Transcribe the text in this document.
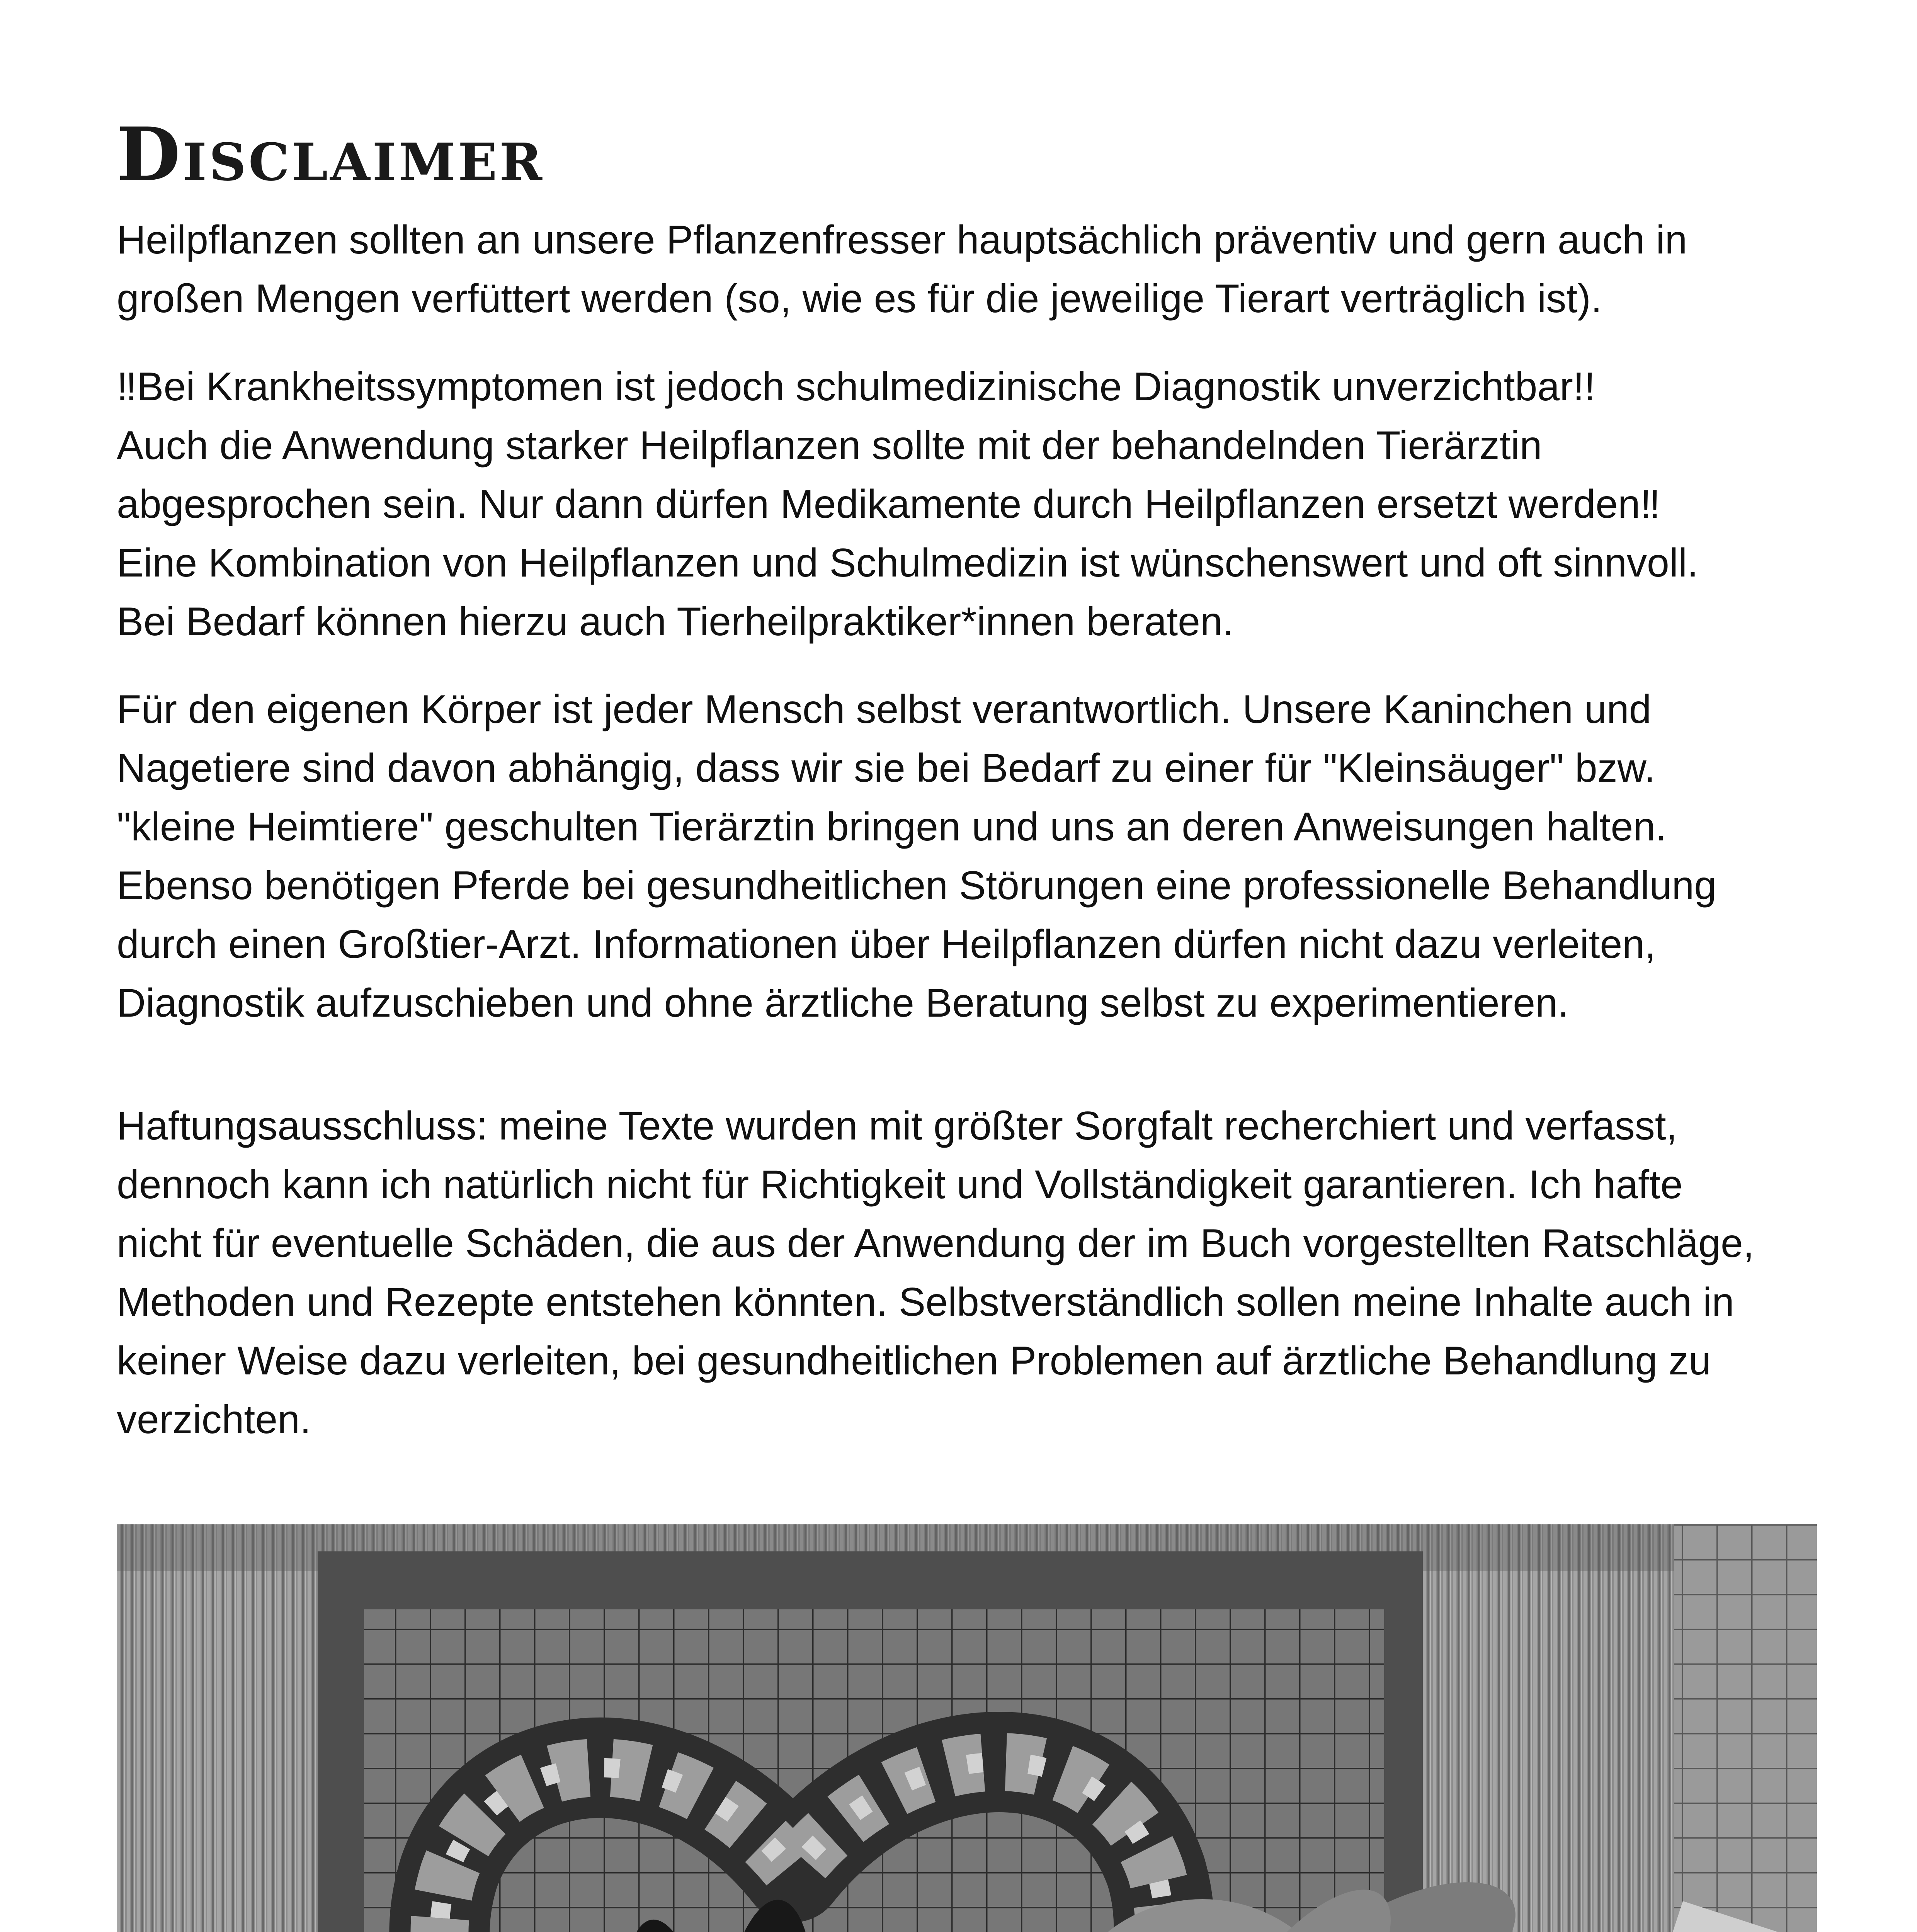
Disclaimer

Heilpflanzen sollten an unsere Pflanzenfresser hauptsächlich präventiv und gern auch in
großen Mengen verfüttert werden (so, wie es für die jeweilige Tierart verträglich ist).

‼Bei Krankheitssymptomen ist jedoch schulmedizinische Diagnostik unverzichtbar!!
Auch die Anwendung starker Heilpflanzen sollte mit der behandelnden Tierärztin
abgesprochen sein. Nur dann dürfen Medikamente durch Heilpflanzen ersetzt werden‼
Eine Kombination von Heilpflanzen und Schulmedizin ist wünschenswert und oft sinnvoll.
Bei Bedarf können hierzu auch Tierheilpraktiker*innen beraten.

Für den eigenen Körper ist jeder Mensch selbst verantwortlich. Unsere Kaninchen und
Nagetiere sind davon abhängig, dass wir sie bei Bedarf zu einer für "Kleinsäuger" bzw.
"kleine Heimtiere" geschulten Tierärztin bringen und uns an deren Anweisungen halten.
Ebenso benötigen Pferde bei gesundheitlichen Störungen eine professionelle Behandlung
durch einen Großtier-Arzt. Informationen über Heilpflanzen dürfen nicht dazu verleiten,
Diagnostik aufzuschieben und ohne ärztliche Beratung selbst zu experimentieren.

Haftungsausschluss: meine Texte wurden mit größter Sorgfalt recherchiert und verfasst,
dennoch kann ich natürlich nicht für Richtigkeit und Vollständigkeit garantieren. Ich hafte
nicht für eventuelle Schäden, die aus der Anwendung der im Buch vorgestellten Ratschläge,
Methoden und Rezepte entstehen könnten. Selbstverständlich sollen meine Inhalte auch in
keiner Weise dazu verleiten, bei gesundheitlichen Problemen auf ärztliche Behandlung zu
verzichten.
